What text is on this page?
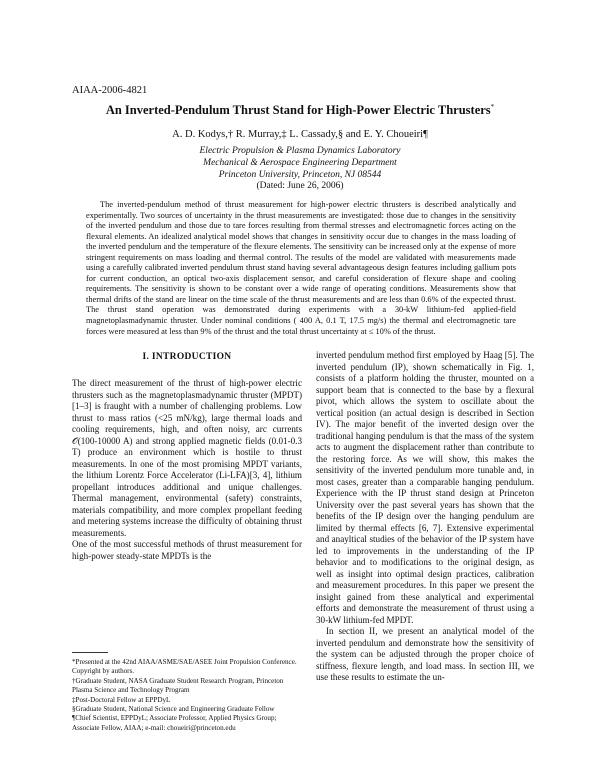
AIAA-2006-4821
An Inverted-Pendulum Thrust Stand for High-Power Electric Thrusters*
A. D. Kodys,† R. Murray,‡ L. Cassady,§ and E. Y. Choueiri¶
Electric Propulsion & Plasma Dynamics Laboratory
Mechanical & Aerospace Engineering Department
Princeton University, Princeton, NJ 08544
(Dated: June 26, 2006)

The inverted-pendulum method of thrust measurement for high-power electric thrusters is described analytically and experimentally. Two sources of uncertainty in the thrust measurements are investigated: those due to changes in the sensitivity of the inverted pendulum and those due to tare forces resulting from thermal stresses and electromagnetic forces acting on the flexural elements. An idealized analytical model shows that changes in sensitivity occur due to changes in the mass loading of the inverted pendulum and the temperature of the flexure elements. The sensitivity can be increased only at the expense of more stringent requirements on mass loading and thermal control. The results of the model are validated with measurements made using a carefully calibrated inverted pendulum thrust stand having several advantageous design features including gallium pots for current conduction, an optical two-axis displacement sensor, and careful consideration of flexure shape and cooling requirements. The sensitivity is shown to be constant over a wide range of operating conditions. Measurements show that thermal drifts of the stand are linear on the time scale of the thrust measurements and are less than 0.6% of the expected thrust. The thrust stand operation was demonstrated during experiments with a 30-kW lithium-fed applied-field magnetoplasmadynamic thruster. Under nominal conditions ( 400 A, 0.1 T, 17.5 mg/s) the thermal and electromagnetic tare forces were measured at less than 9% of the thrust and the total thrust uncertainty at ≤ 10% of the thrust.

I. INTRODUCTION

The direct measurement of the thrust of high-power electric thrusters such as the magnetoplasmadynamic thruster (MPDT)[1–3] is fraught with a number of challenging problems. Low thrust to mass ratios (<25 mN/kg), large thermal loads and cooling requirements, high, and often noisy, arc currents 𝒪(100-10000 A) and strong applied magnetic fields (0.01-0.3 T) produce an environment which is hostile to thrust measurements. In one of the most promising MPDT variants, the lithium Lorentz Force Accelerator (Li-LFA)[3, 4], lithium propellant introduces additional and unique challenges. Thermal management, environmental (safety) constraints, materials compatibility, and more complex propellant feeding and metering systems increase the difficulty of obtaining thrust measurements.

One of the most successful methods of thrust measurement for high-power steady-state MPDTs is the

*Presented at the 42nd AIAA/ASME/SAE/ASEE Joint Propulsion Conference. Copyright by authors.
†Graduate Student, NASA Graduate Student Research Program, Princeton Plasma Science and Technology Program
‡Post-Doctoral Fellow at EPPDyL
§Graduate Student, National Science and Engineering Graduate Fellow
¶Chief Scientist, EPPDyL; Associate Professor, Applied Physics Group; Associate Fellow, AIAA; e-mail: choueiri@princeton.edu

inverted pendulum method first employed by Haag [5]. The inverted pendulum (IP), shown schematically in Fig. 1, consists of a platform holding the thruster, mounted on a support beam that is connected to the base by a flexural pivot, which allows the system to oscillate about the vertical position (an actual design is described in Section IV). The major benefit of the inverted design over the traditional hanging pendulum is that the mass of the system acts to augment the displacement rather than contribute to the restoring force. As we will show, this makes the sensitivity of the inverted pendulum more tunable and, in most cases, greater than a comparable hanging pendulum. Experience with the IP thrust stand design at Princeton University over the past several years has shown that the benefits of the IP design over the hanging pendulum are limited by thermal effects [6, 7]. Extensive experimental and anayltical studies of the behavior of the IP system have led to improvements in the understanding of the IP behavior and to modifications to the original design, as well as insight into optimal design practices, calibration and measurement procedures. In this paper we present the insight gained from these analytical and experimental efforts and demonstrate the measurement of thrust using a 30-kW lithium-fed MPDT.

In section II, we present an analytical model of the inverted pendulum and demonstrate how the sensitivity of the system can be adjusted through the proper choice of stiffness, flexure length, and load mass. In section III, we use these results to estimate the un-
